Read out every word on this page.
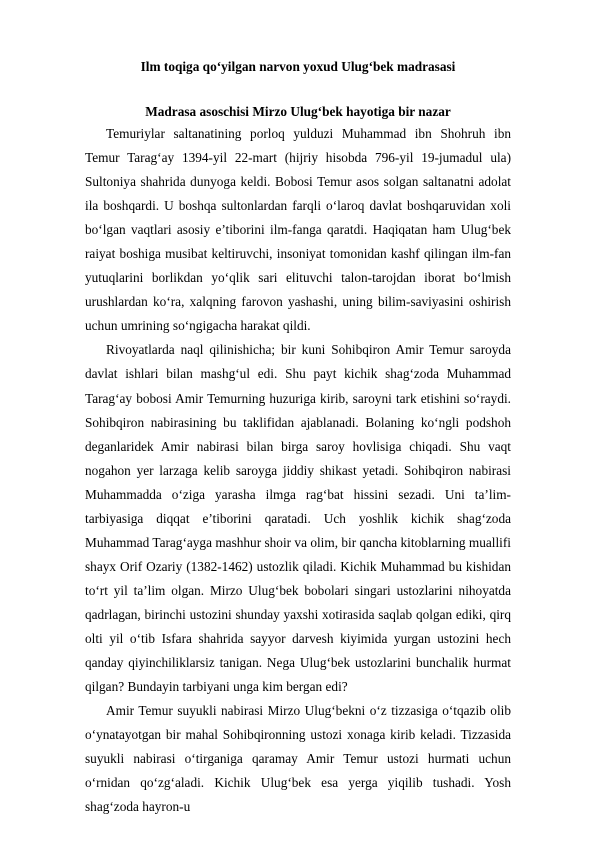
Ilm toqiga qo‘yilgan narvon yoxud Ulug‘bek madrasasi
Madrasa asoschisi Mirzo Ulug‘bek hayotiga bir nazar

Temuriylar saltanatining porloq yulduzi Muhammad ibn Shohruh ibn Temur Tarag‘ay 1394-yil 22-mart (hijriy hisobda 796-yil 19-jumadul ula) Sultoniya shahrida dunyoga keldi. Bobosi Temur asos solgan saltanatni adolat ila boshqardi. U boshqa sultonlardan farqli o‘laroq davlat boshqaruvidan xoli bo‘lgan vaqtlari asosiy e’tiborini ilm-fanga qaratdi. Haqiqatan ham Ulug‘bek raiyat boshiga musibat keltiruvchi, insoniyat tomonidan kashf qilingan ilm-fan yutuqlarini borlikdan yo‘qlik sari elituvchi talon-tarojdan iborat bo‘lmish urushlardan ko‘ra, xalqning farovon yashashi, uning bilim-saviyasini oshirish uchun umrining so‘ngigacha harakat qildi.

Rivoyatlarda naql qilinishicha; bir kuni Sohibqiron Amir Temur saroyda davlat ishlari bilan mashg‘ul edi. Shu payt kichik shag‘zoda Muhammad Tarag‘ay bobosi Amir Temurning huzuriga kirib, saroyni tark etishini so‘raydi. Sohibqiron nabirasining bu taklifidan ajablanadi. Bolaning ko‘ngli podshoh deganlaridek Amir nabirasi bilan birga saroy hovlisiga chiqadi. Shu vaqt nogahon yer larzaga kelib saroyga jiddiy shikast yetadi. Sohibqiron nabirasi Muhammadda o‘ziga yarasha ilmga rag‘bat hissini sezadi. Uni ta’lim-tarbiyasiga diqqat e’tiborini qaratadi. Uch yoshlik kichik shag‘zoda Muhammad Tarag‘ayga mashhur shoir va olim, bir qancha kitoblarning muallifi shayx Orif Ozariy (1382-1462) ustozlik qiladi. Kichik Muhammad bu kishidan to‘rt yil ta’lim olgan. Mirzo Ulug‘bek bobolari singari ustozlarini nihoyatda qadrlagan, birinchi ustozini shunday yaxshi xotirasida saqlab qolgan ediki, qirq olti yil o‘tib Isfara shahrida sayyor darvesh kiyimida yurgan ustozini hech qanday qiyinchiliklarsiz tanigan. Nega Ulug‘bek ustozlarini bunchalik hurmat qilgan? Bundayin tarbiyani unga kim bergan edi?

Amir Temur suyukli nabirasi Mirzo Ulug‘bekni o‘z tizzasiga o‘tqazib olib o‘ynatayotgan bir mahal Sohibqironning ustozi xonaga kirib keladi. Tizzasida suyukli nabirasi o‘tirganiga qaramay Amir Temur ustozi hurmati uchun o‘rnidan qo‘zg‘aladi. Kichik Ulug‘bek esa yerga yiqilib tushadi. Yosh shag‘zoda hayron-u
